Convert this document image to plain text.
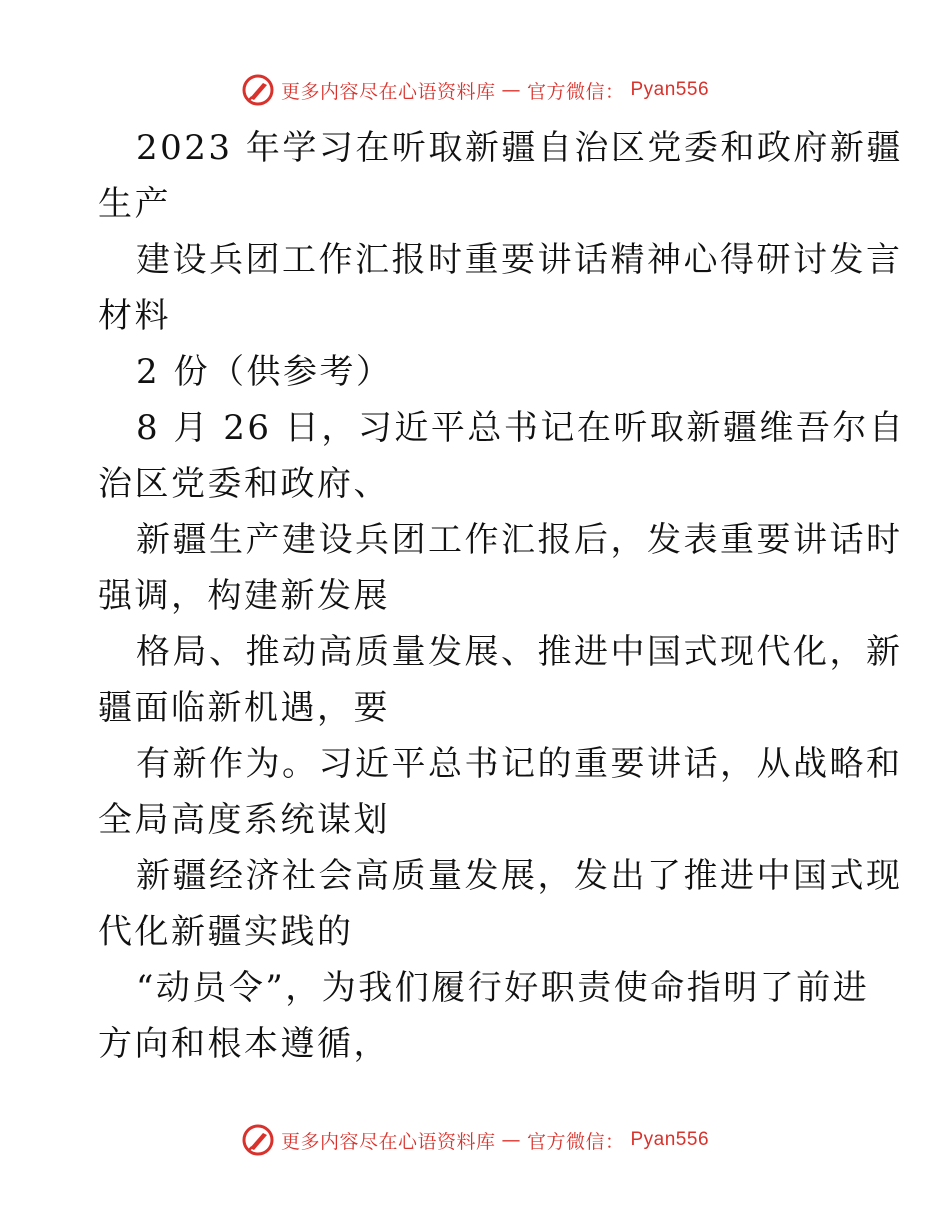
更多内容尽在心语资料库 — 官方微信： Pyan556
2023 年学习在听取新疆自治区党委和政府新疆
生产
建设兵团工作汇报时重要讲话精神心得研讨发言
材料
2 份（供参考）
8 月 26 日，习近平总书记在听取新疆维吾尔自
治区党委和政府、
新疆生产建设兵团工作汇报后，发表重要讲话时
强调，构建新发展
格局、推动高质量发展、推进中国式现代化，新
疆面临新机遇，要
有新作为。习近平总书记的重要讲话，从战略和
全局高度系统谋划
新疆经济社会高质量发展，发出了推进中国式现
代化新疆实践的
“动员令”，为我们履行好职责使命指明了前进
方向和根本遵循，
更多内容尽在心语资料库 — 官方微信： Pyan556
